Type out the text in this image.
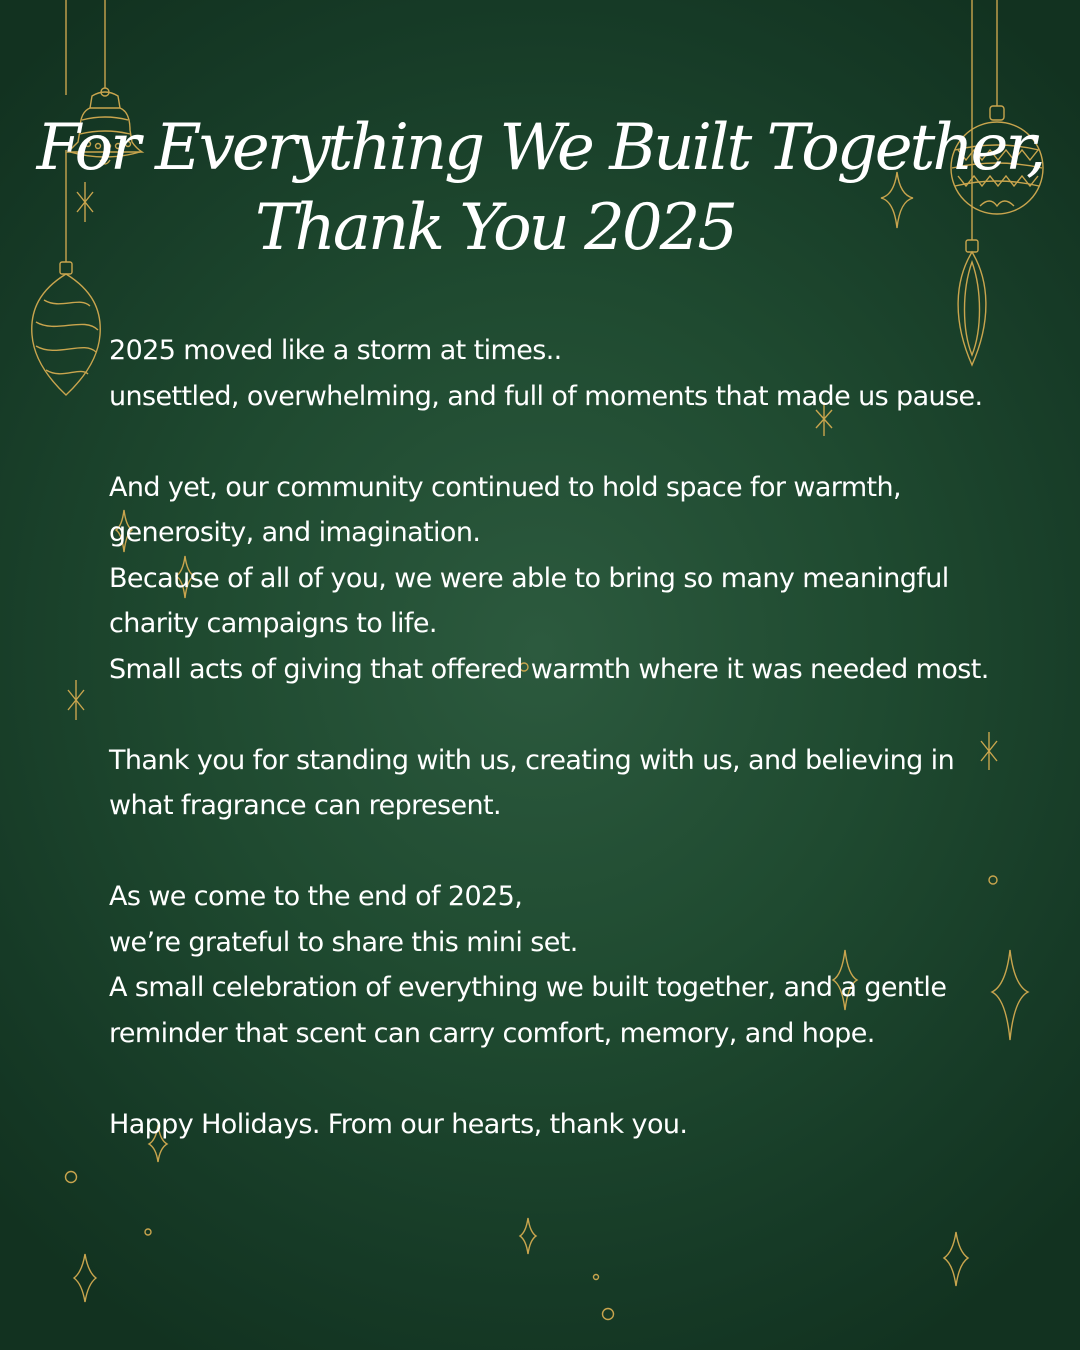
For Everything We Built Together,
Thank You 2025

2025 moved like a storm at times..
unsettled, overwhelming, and full of moments that made us pause.

And yet, our community continued to hold space for warmth, generosity, and imagination.
Because of all of you, we were able to bring so many meaningful charity campaigns to life.
Small acts of giving that offered warmth where it was needed most.

Thank you for standing with us, creating with us, and believing in what fragrance can represent.

As we come to the end of 2025,
we’re grateful to share this mini set.
A small celebration of everything we built together, and a gentle reminder that scent can carry comfort, memory, and hope.

Happy Holidays. From our hearts, thank you.
